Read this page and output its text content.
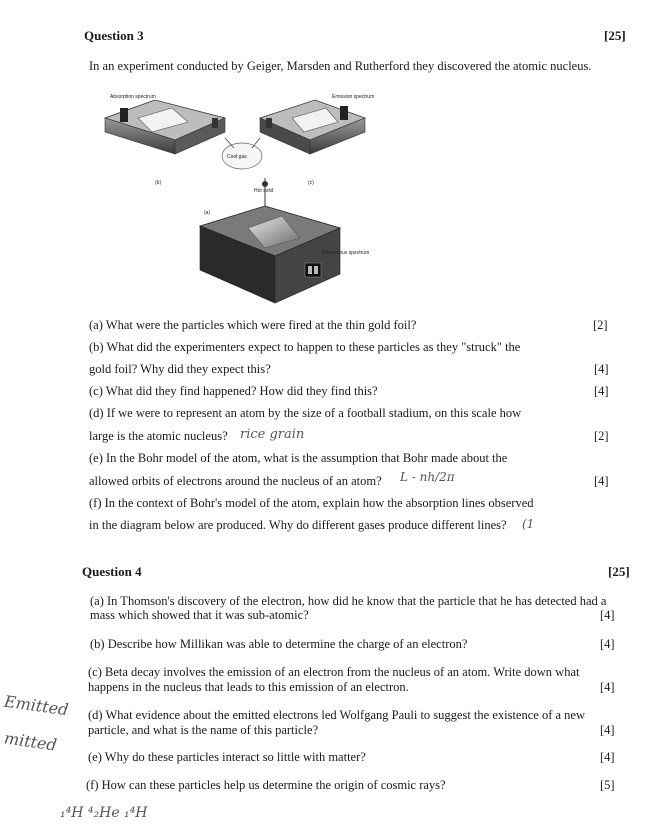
Question 3	[25]
In an experiment conducted by Geiger, Marsden and Rutherford they discovered the atomic nucleus.
Absorption spectrum	Emission spectrum
Cool gas
Hot solid
Continuous spectrum
(b)	(c)
(a)
(a) What were the particles which were fired at the thin gold foil?	[2]
(b) What did the experimenters expect to happen to these particles as they "struck" the
gold foil? Why did they expect this?	[4]
(c) What did they find happened? How did they find this?	[4]
(d) If we were to represent an atom by the size of a football stadium, on this scale how
large is the atomic nucleus?	[2]
(e) In the Bohr model of the atom, what is the assumption that Bohr made about the
allowed orbits of electrons around the nucleus of an atom?	[4]
(f) In the context of Bohr's model of the atom, explain how the absorption lines observed
in the diagram below are produced. Why do different gases produce different lines?
rice grain
L - nh/2π
(1
Question 4	[25]
(a) In Thomson's discovery of the electron, how did he know that the particle that he has detected had a
mass which showed that it was sub-atomic?	[4]
(b) Describe how Millikan was able to determine the charge of an electron?	[4]
(c) Beta decay involves the emission of an electron from the nucleus of an atom. Write down what
happens in the nucleus that leads to this emission of an electron.	[4]
(d) What evidence about the emitted electrons led Wolfgang Pauli to suggest the existence of a new
particle, and what is the name of this particle?	[4]
(e) Why do these particles interact so little with matter?	[4]
(f) How can these particles help us determine the origin of cosmic rays?	[5]
Emitted
mitted
₁⁴H ⁴₂He ₁⁴H
